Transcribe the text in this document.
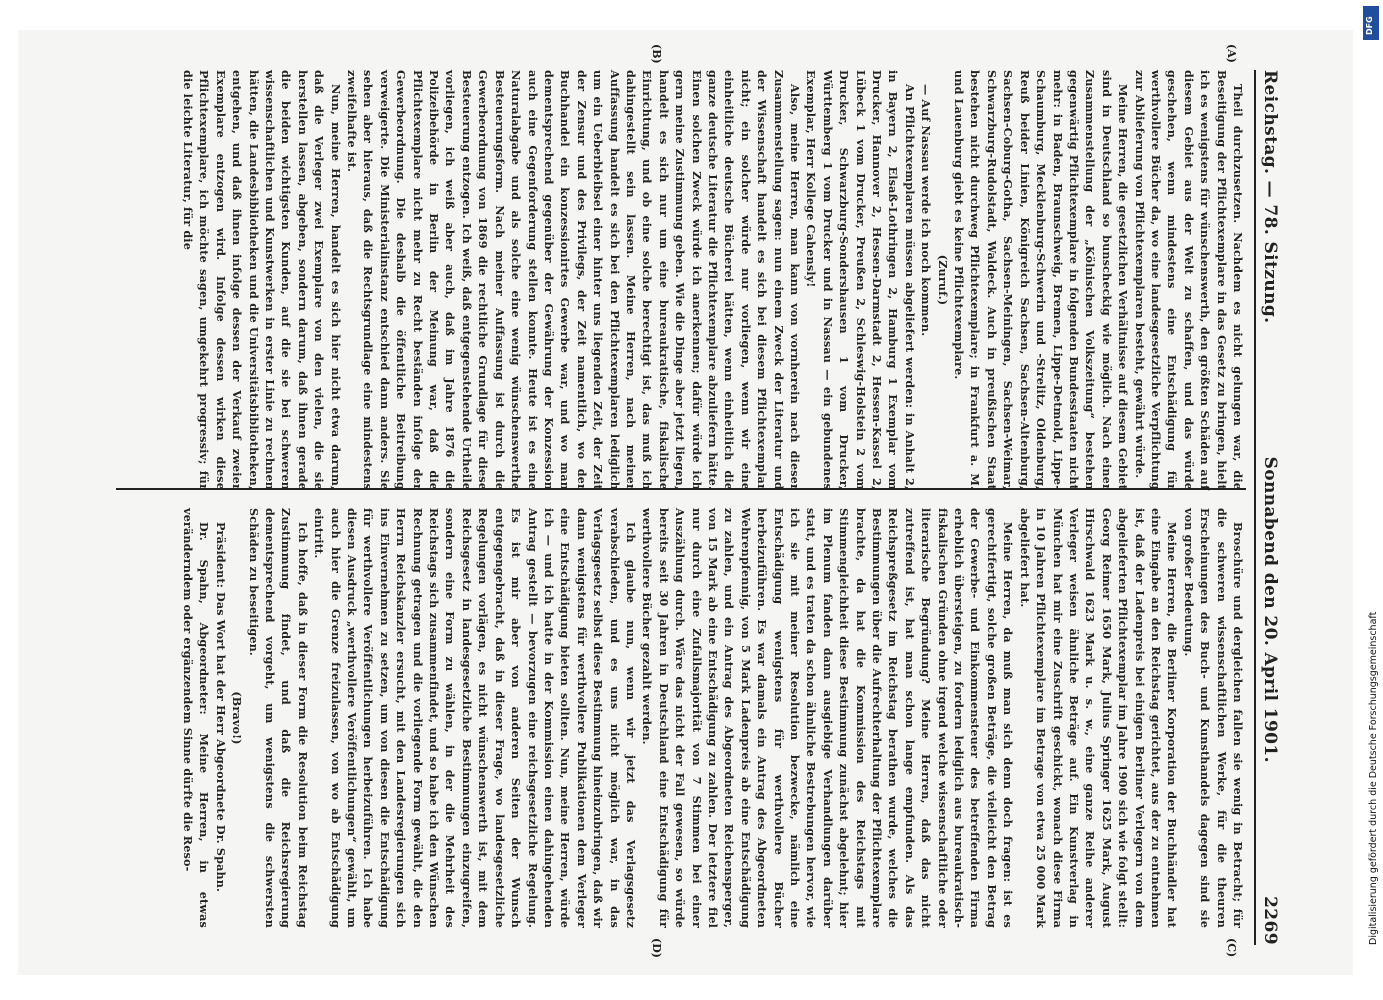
Reichstag. — 78. Sitzung.
Sonnabend den 20. April 1901.
2269
(A)
(B)
(C)
(D)

Theil durchzusetzen. Nachdem es nicht gelungen war, die Beseitigung der Pflichtexemplare in das Gesetz zu bringen, hielt ich es wenigstens für wünschenswerth, den größten Schäden auf diesem Gebiet aus der Welt zu schaffen, und das würde geschehen, wenn mindestens eine Entschädigung für werthvollere Bücher da, wo eine landesgesetzliche Verpflichtung zur Ablieferung von Pflichtexemplaren besteht, gewährt würde.

Meine Herren, die gesetzlichen Verhältnisse auf diesem Gebiet sind in Deutschland so bunscheckig wie möglich. Nach einer Zusammenstellung der „Kölnischen Volkszeitung“ bestehen gegenwärtig Pflichtexemplare in folgenden Bundesstaaten nicht mehr: in Baden, Braunschweig, Bremen, Lippe-Detmold, Lippe-Schaumburg, Mecklenburg-Schwerin und -Strelitz, Oldenburg, Reuß beider Linien, Königreich Sachsen, Sachsen-Altenburg, Sachsen-Coburg-Gotha, Sachsen-Meiningen, Sachsen-Weimar, Schwarzburg-Rudolstadt, Waldeck. Auch in preußischen Staat bestehen nicht durchweg Pflichtexemplare; in Frankfurt a. M. und Lauenburg giebt es keine Pflichtexemplare.

(Zuruf.)

— Auf Nassau werde ich noch kommen.

An Pflichtexemplaren müssen abgeliefert werden: in Anhalt 2, in Bayern 2, Elsaß-Lothringen 2, Hamburg 1 Exemplar vom Drucker, Hannover 2, Hessen-Darmstadt 2, Hessen-Kassel 2, Lübeck 1 vom Drucker, Preußen 2, Schleswig-Holstein 2 vom Drucker, Schwarzburg-Sondershausen 1 vom Drucker, Württemberg 1 vom Drucker und in Nassau — ein gebundenes Exemplar, Herr Kollege Cahensly!

Also, meine Herren, man kann von vornherein nach dieser Zusammenstellung sagen: nun einem Zweck der Literatur und der Wissenschaft handelt es sich bei diesem Pflichtexemplar nicht; ein solcher würde nur vorliegen, wenn wir eine einheitliche deutsche Bücherei hätten, wenn einheitlich die ganze deutsche Literatur die Pflichtexemplare abzuliefern hätte. Einen solchen Zweck würde ich anerkennen; dafür würde ich gern meine Zustimmung geben. Wie die Dinge aber jetzt liegen, handelt es sich nur um eine bureaukratische, fiskalische Einrichtung, und ob eine solche berechtigt ist, das muß ich dahingestellt sein lassen. Meine Herren, nach meiner Auffassung handelt es sich bei den Pflichtexemplaren lediglich um ein Ueberbleibsel einer hinter uns liegenden Zeit, der Zeit der Zensur und des Privilegs, der Zeit namentlich, wo der Buchhandel ein konzessionirtes Gewerbe war, und wo man dementsprechend gegenüber der Gewährung der Konzession auch eine Gegenforderung stellen konnte. Heute ist es eine Naturalabgabe und als solche eine wenig wünschenswerthe Besteuerungsform. Nach meiner Auffassung ist durch die Gewerbeordnung von 1869 die rechtliche Grundlage für diese Besteuerung entzogen. Ich weiß, daß entgegenstehende Urtheile vorliegen, ich weiß aber auch, daß im Jahre 1876 die Polizeibehörde in Berlin der Meinung war, daß die Pflichtexemplare nicht mehr zu Recht beständen infolge der Gewerbeordnung. Die deshalb die öffentliche Beitreibung verweigerte. Die Ministerialinstanz entschied dann anders. Sie sehen aber hieraus, daß die Rechtsgrundlage eine mindestens zweifelhafte ist.

Nun, meine Herren, handelt es sich hier nicht etwa darum, daß die Verleger zwei Exemplare von den vielen, die sie herstellen lassen, abgeben, sondern darum, daß ihnen gerade die beiden wichtigsten Kunden, auf die sie bei schweren wissenschaftlichen und Kunstwerken in erster Linie zu rechnen hätten, die Landesbibliotheken und die Universitätsbibliotheken, entgehen, und daß ihnen infolge dessen der Verkauf zweier Exemplare entzogen wird. Infolge dessen wirken diese Pflichtexemplare, ich möchte sagen, umgekehrt progressiv; für die leichte Literatur, für die

Broschüre und dergleichen fallen sie wenig in Betracht; für die schweren wissenschaftlichen Werke, für die theuren Erscheinungen des Buch- und Kunsthandels dagegen sind sie von großer Bedeutung.

Meine Herren, die Berliner Korporation der Buchhändler hat eine Eingabe an den Reichstag gerichtet, aus der zu entnehmen ist, daß der Ladenpreis bei einigen Berliner Verlegern von dem abgelieferten Pflichtexemplar im Jahre 1900 sich wie folgt stellt: Georg Reimer 1650 Mark, Julius Springer 1625 Mark, August Hirschwald 1623 Mark u. s. w., eine ganze Reihe anderer Verleger weisen ähnliche Beträge auf. Ein Kunstverlag in München hat mir eine Zuschrift geschickt, wonach diese Firma in 10 Jahren Pflichtexemplare im Betrage von etwa 25 000 Mark abgeliefert hat.

Meine Herren, da muß man sich denn doch fragen: ist es gerechtfertigt, solche großen Beträge, die vielleicht den Betrag der Gewerbe- und Einkommensteuer des betreffenden Firma erheblich übersteigen, zu fordern lediglich aus bureaukratisch-fiskalischen Gründen ohne irgend welche wissenschaftliche oder literarische Begründung? Meine Herren, daß das nicht zutreffend ist, hat man schon lange empfunden. Als das Reichspreßgesetz im Reichstag berathen wurde, welches die Bestimmungen über die Aufrechterhaltung der Pflichtexemplare brachte, da hat die Kommission des Reichstags mit Stimmengleichheit diese Bestimmung zunächst abgelehnt; hier im Plenum fanden dann ausgiebige Verhandlungen darüber statt, und es traten da schon ähnliche Bestrebungen hervor, wie ich sie mit meiner Resolution bezwecke, nämlich eine Entschädigung wenigstens für werthvollere Bücher herbeizuführen. Es war damals ein Antrag des Abgeordneten Wehrenpfennig, von 5 Mark Ladenpreis ab eine Entschädigung zu zahlen, und ein Antrag des Abgeordneten Reichensperger, von 15 Mark ab eine Entschädigung zu zahlen. Der letztere fiel nur durch eine Zufallsmajorität von 7 Stimmen bei einer Auszählung durch. Wäre das nicht der Fall gewesen, so würde bereits seit 30 Jahren in Deutschland eine Entschädigung für werthvollere Bücher gezahlt werden.

Ich glaube nun, wenn wir jetzt das Verlagsgesetz verabschieden, und es uns nicht möglich war, in das Verlagsgesetz selbst diese Bestimmung hineinzubringen, daß wir dann wenigstens für werthvollere Publikationen dem Verleger eine Entschädigung bieten sollten. Nun, meine Herren, würde ich — und ich hatte in der Kommission einen dahingehenden Antrag gestellt — bevorzugen eine reichsgesetzliche Regelung. Es ist mir aber von anderen Seiten der Wunsch entgegengebracht, daß in dieser Frage, wo landesgesetzliche Regelungen vorlägen, es nicht wünschenswerth ist, mit dem Reichsgesetz in landesgesetzliche Bestimmungen einzugreifen, sondern eine Form zu wählen, in der die Mehrheit des Reichstags sich zusammenfindet, und so habe ich den Wünschen Rechnung getragen und die vorliegende Form gewählt, die den Herrn Reichskanzler ersucht, mit den Landesregierungen sich ins Einvernehmen zu setzen, um von diesen die Entschädigung für werthvollere Veröffentlichungen herbeizuführen. Ich habe diesen Ausdruck „werthvollere Veröffentlichungen“ gewählt, um auch hier die Grenze freizulassen, von wo ab Entschädigung eintritt.

Ich hoffe, daß in dieser Form die Resolution beim Reichstag Zustimmung findet, und daß die Reichsregierung dementsprechend vorgeht, um wenigstens die schwersten Schäden zu beseitigen.

(Bravo!)

Präsident: Das Wort hat der Herr Abgeordnete Dr. Spahn.

Dr. Spahn, Abgeordneter: Meine Herren, in etwas veränderndem oder ergänzendem Sinne dürfte die Reso-	Digitalisierung gefördert durch die Deutsche Forschungsgemeinschaft
DFG
